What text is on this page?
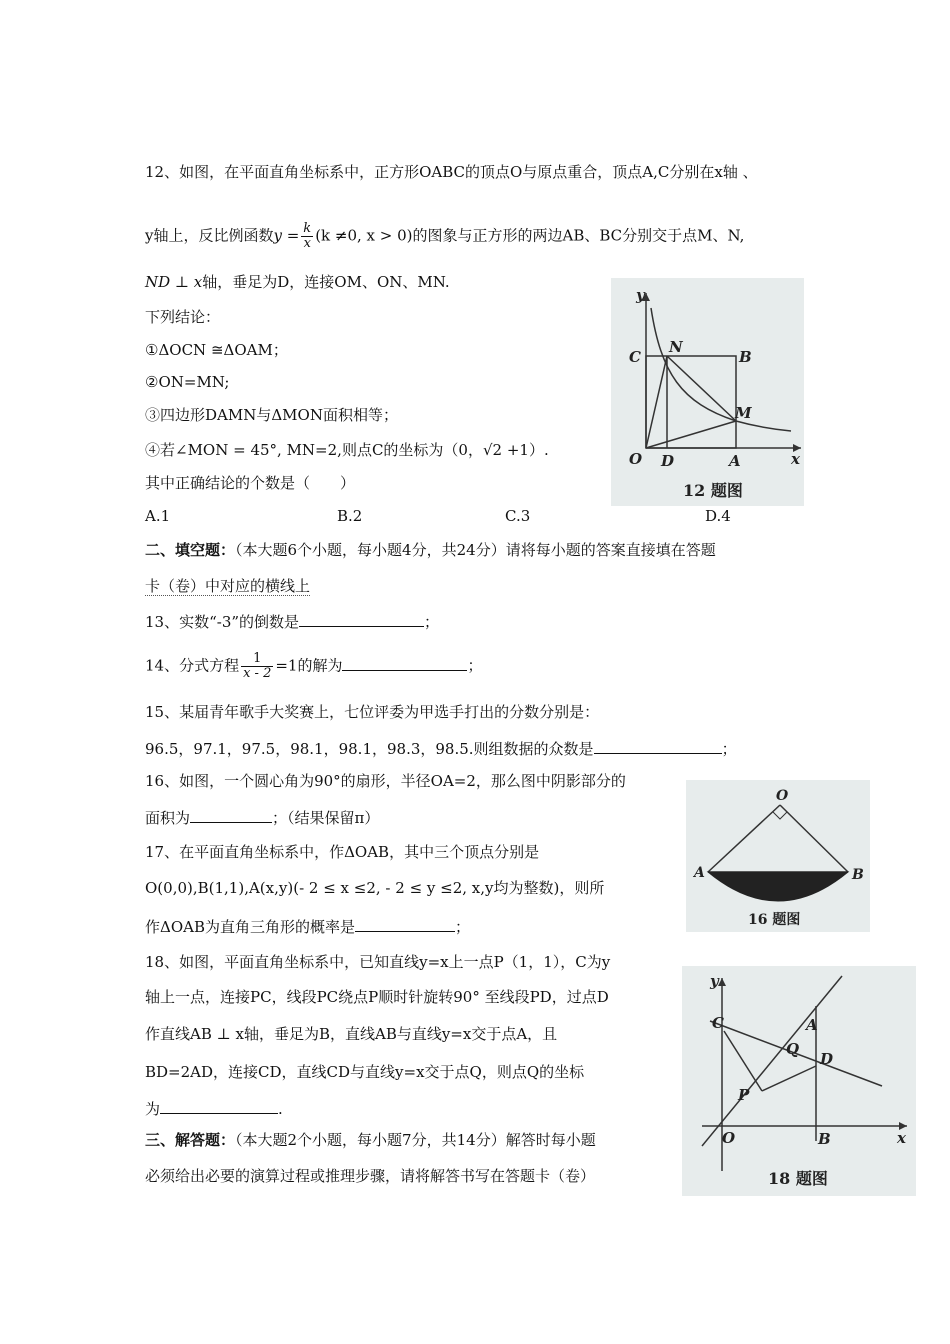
12、如图，在平面直角坐标系中，正方形OABC的顶点O与原点重合，顶点A,C分别在x轴 、
y轴上，反比例函数$y = \frac{k}{x} (k \ne 0$, x > 0)的图象与正方形的两边AB、BC分别交于点M、N,
ND ⊥ x轴，垂足为D，连接OM、ON、MN.
下列结论：
①ΔOCN ≅ΔOAM；
②ON=MN;
③四边形DAMN与ΔMON面积相等；
④若∠MON = 45°, MN=2,则点C的坐标为（0，√2 +1）.
其中正确结论的个数是（　　）
A.1	B.2	C.3	D.4
y
x
O D	A
C
N
B
M
12 题图
二、填空题：（本大题6个小题，每小题4分，共24分）请将每小题的答案直接填在答题
卡（卷）中对应的横线上
13、实数“-3”的倒数是	；
14、分式方程 $\frac{1}{x - 2} =1$的解为	；
15、某届青年歌手大奖赛上，七位评委为甲选手打出的分数分别是：
96.5，97.1，97.5，98.1，98.1，98.3，98.5.则组数据的众数是	；
16、如图，一个圆心角为90°的扇形，半径OA=2，那么图中阴影部分的
面积为	；（结果保留π）
O
A	B
16 题图
17、在平面直角坐标系中，作ΔOAB，其中三个顶点分别是
O(0,0),B(1,1),A(x,y)(- 2 ≤ x ≤2, - 2 ≤ y ≤2, x,y均为整数)，则所
作ΔOAB为直角三角形的概率是	；
18、如图，平面直角坐标系中，已知直线y=x上一点P（1，1），C为y
轴上一点，连接PC，线段PC绕点P顺时针旋转90° 至线段PD，过点D
作直线AB ⊥ x轴，垂足为B，直线AB与直线y=x交于点A，且
BD=2AD，连接CD，直线CD与直线y=x交于点Q，则点Q的坐标
为	.
y
x
O	B
C	A
Q
D
P
18 题图
三、解答题：（本大题2个小题，每小题7分，共14分）解答时每小题
必须给出必要的演算过程或推理步骤，请将解答书写在答题卡（卷）
